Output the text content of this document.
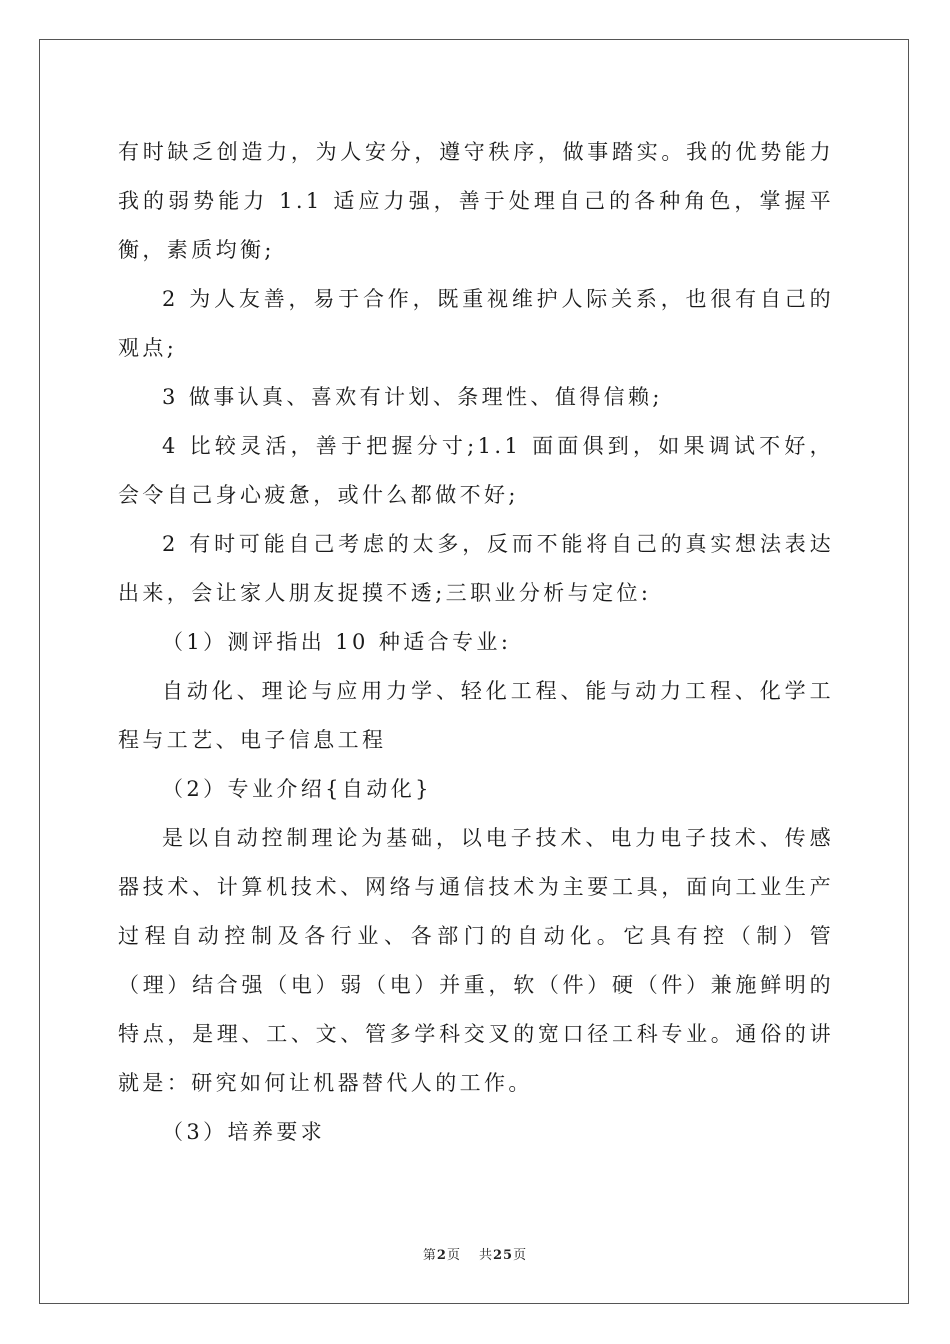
有时缺乏创造力，为人安分，遵守秩序，做事踏实。我的优势能力我的弱势能力 1.1 适应力强，善于处理自己的各种角色，掌握平衡，素质均衡;

2 为人友善，易于合作，既重视维护人际关系，也很有自己的观点;

3 做事认真、喜欢有计划、条理性、值得信赖;

4 比较灵活，善于把握分寸;1.1 面面俱到，如果调试不好，会令自己身心疲惫，或什么都做不好;

2 有时可能自己考虑的太多，反而不能将自己的真实想法表达出来，会让家人朋友捉摸不透;三职业分析与定位:

（1）测评指出 10 种适合专业:

自动化、理论与应用力学、轻化工程、能与动力工程、化学工程与工艺、电子信息工程

（2）专业介绍{自动化}

是以自动控制理论为基础，以电子技术、电力电子技术、传感器技术、计算机技术、网络与通信技术为主要工具，面向工业生产过程自动控制及各行业、各部门的自动化。它具有控（制）管（理）结合强（电）弱（电）并重，软（件）硬（件）兼施鲜明的特点，是理、工、文、管多学科交叉的宽口径工科专业。通俗的讲就是：研究如何让机器替代人的工作。

（3）培养要求

第2页 共25页
